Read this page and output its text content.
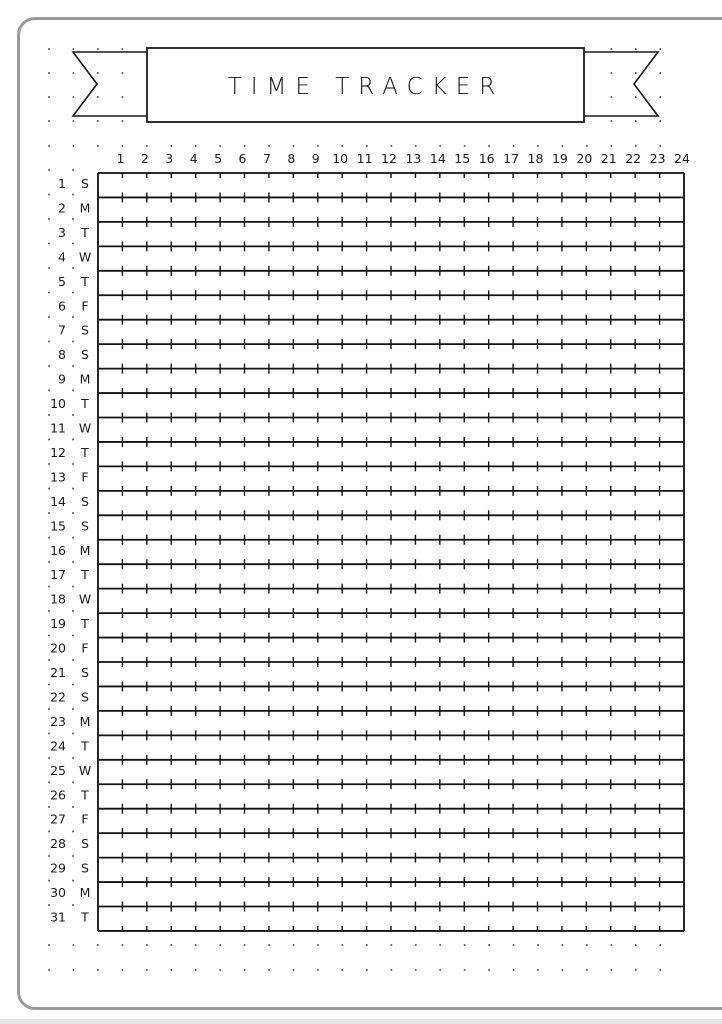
TIME TRACKER
1 2 3 4 5 6 7 8 9 10 11 12 13 14 15 16 17 18 19 20 21 22 23 24
1 S
2 M
3 T
4 W
5 T
6 F
7 S
8 S
9 M
10 T
11 W
12 T
13 F
14 S
15 S
16 M
17 T
18 W
19 T
20 F
21 S
22 S
23 M
24 T
25 W
26 T
27 F
28 S
29 S
30 M
31 T
